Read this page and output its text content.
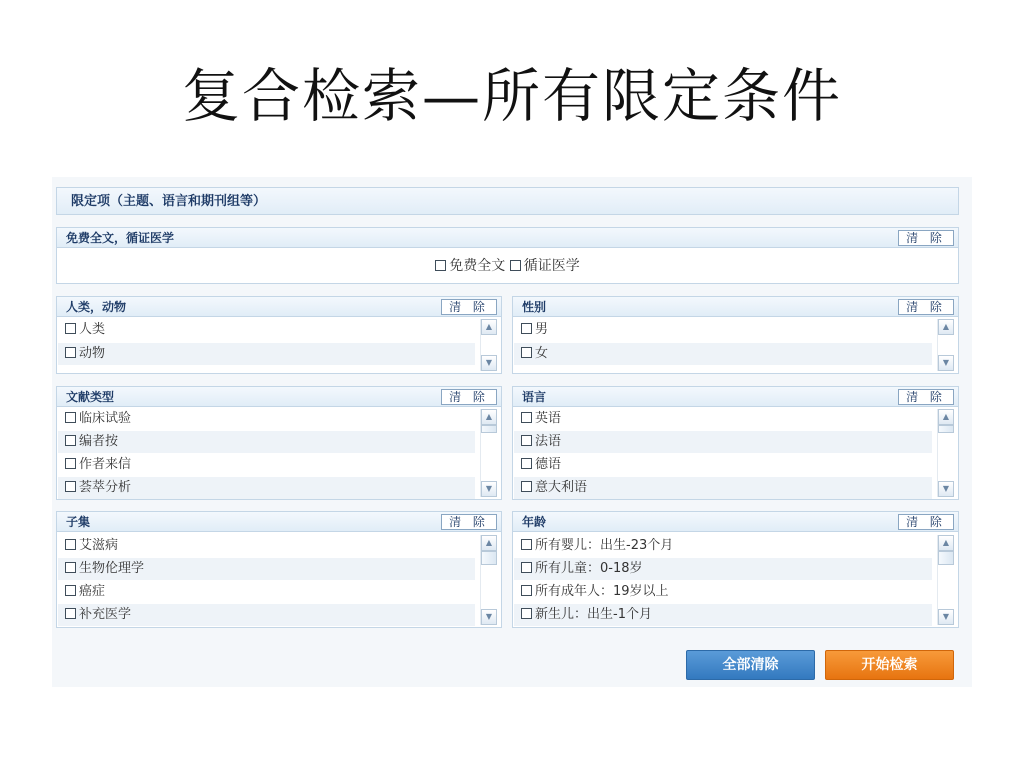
复合检索—所有限定条件
限定项（主题、语言和期刊组等）
免费全文，循证医学	清 除
免费全文 循证医学
人类，动物	清 除
人类
动物
▲
▼
性别	清 除
男
女
▲
▼
文献类型	清 除
临床试验
编者按
作者来信
荟萃分析
▲
▼
语言	清 除
英语
法语
德语
意大利语
▲
▼
子集	清 除
艾滋病
生物伦理学
癌症
补充医学
▲
▼
年龄	清 除
所有婴儿：出生-23个月
所有儿童：0-18岁
所有成年人：19岁以上
新生儿：出生-1个月
▲
▼
全部清除	开始检索
